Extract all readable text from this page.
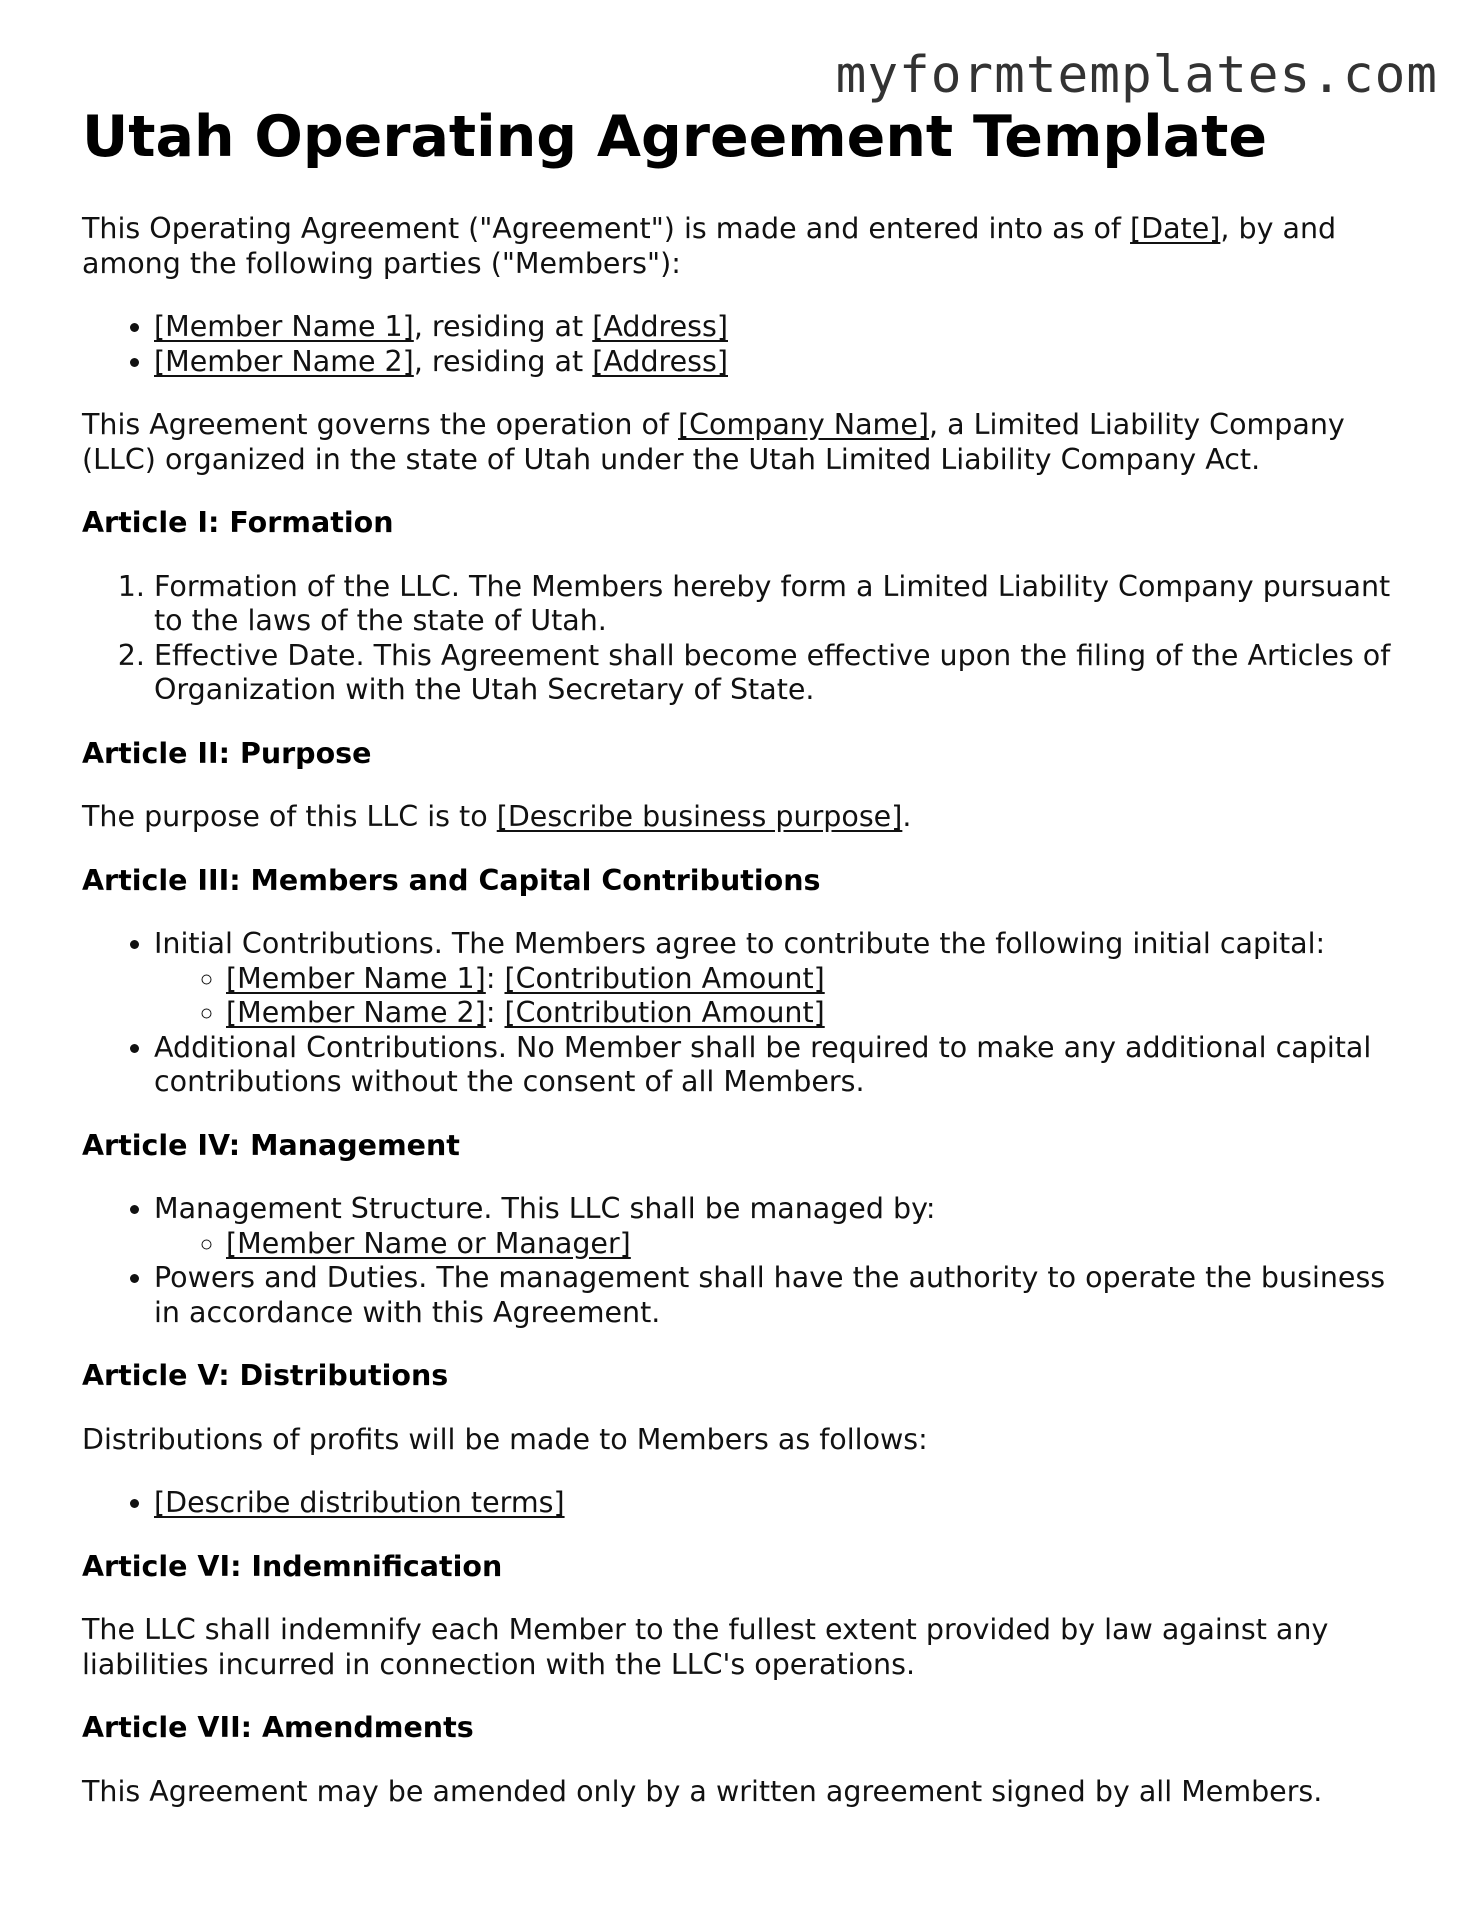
myformtemplates.com
Utah Operating Agreement Template

This Operating Agreement ("Agreement") is made and entered into as of [Date], by and among the following parties ("Members"):

• [Member Name 1], residing at [Address]
• [Member Name 2], residing at [Address]

This Agreement governs the operation of [Company Name], a Limited Liability Company (LLC) organized in the state of Utah under the Utah Limited Liability Company Act.

Article I: Formation
1. Formation of the LLC. The Members hereby form a Limited Liability Company pursuant to the laws of the state of Utah.
2. Effective Date. This Agreement shall become effective upon the filing of the Articles of Organization with the Utah Secretary of State.
Article II: Purpose

The purpose of this LLC is to [Describe business purpose].

Article III: Members and Capital Contributions
• Initial Contributions. The Members agree to contribute the following initial capital:
◦ [Member Name 1]: [Contribution Amount]
◦ [Member Name 2]: [Contribution Amount]
• Additional Contributions. No Member shall be required to make any additional capital contributions without the consent of all Members.
Article IV: Management
• Management Structure. This LLC shall be managed by:
◦ [Member Name or Manager]
• Powers and Duties. The management shall have the authority to operate the business in accordance with this Agreement.
Article V: Distributions

Distributions of profits will be made to Members as follows:

• [Describe distribution terms]
Article VI: Indemnification

The LLC shall indemnify each Member to the fullest extent provided by law against any liabilities incurred in connection with the LLC's operations.

Article VII: Amendments

This Agreement may be amended only by a written agreement signed by all Members.
